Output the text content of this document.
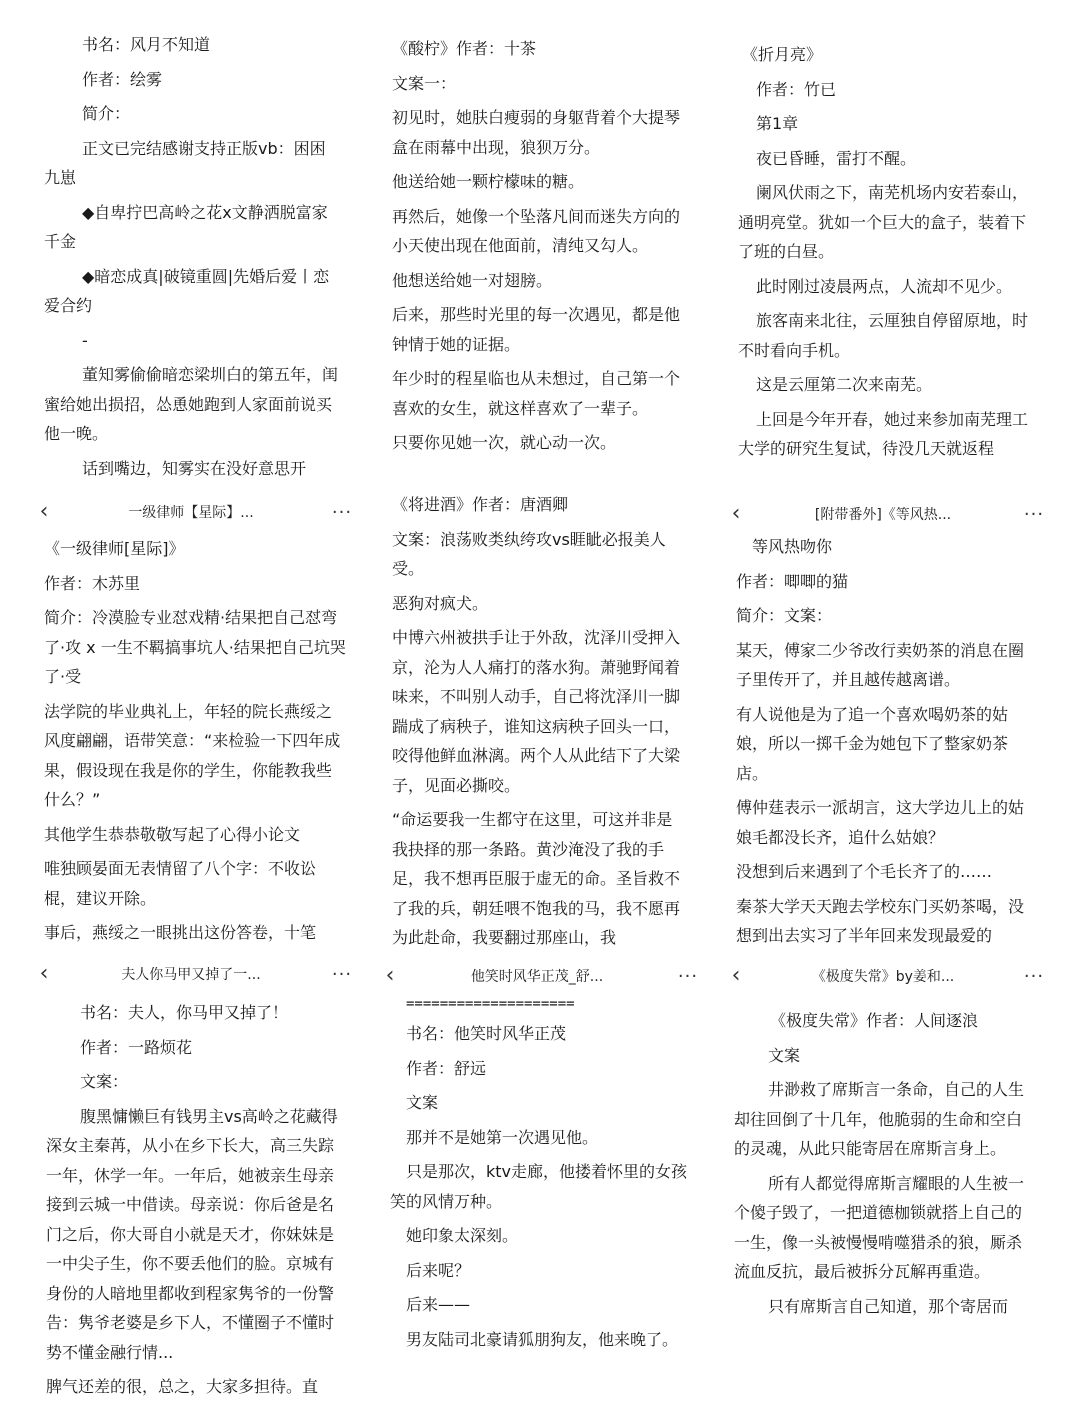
书名：风月不知道

作者：绘雾

简介：

正文已完结感谢支持正版vb：困困九崽

◆自卑拧巴高岭之花x文静洒脱富家千金

◆暗恋成真|破镜重圆|先婚后爱丨恋爱合约

-

董知雾偷偷暗恋梁圳白的第五年，闺蜜给她出损招，怂恿她跑到人家面前说买他一晚。

话到嘴边，知雾实在没好意思开

《酸柠》作者：十茶

文案一：

初见时，她肤白瘦弱的身躯背着个大提琴盒在雨幕中出现，狼狈万分。

他送给她一颗柠檬味的糖。

再然后，她像一个坠落凡间而迷失方向的小天使出现在他面前，清纯又勾人。

他想送给她一对翅膀。

后来，那些时光里的每一次遇见，都是他钟情于她的证据。

年少时的程星临也从未想过，自己第一个喜欢的女生，就这样喜欢了一辈子。

只要你见她一次，就心动一次。

《折月亮》

作者：竹已

第1章

夜已昏睡，雷打不醒。

阑风伏雨之下，南芜机场内安若泰山，通明亮堂。犹如一个巨大的盒子，装着下了班的白昼。

此时刚过凌晨两点，人流却不见少。

旅客南来北往，云厘独自停留原地，时不时看向手机。

这是云厘第二次来南芜。

上回是今年开春，她过来参加南芜理工大学的研究生复试，待没几天就返程

‹	一级律师【星际】...	···

《一级律师[星际]》

作者：木苏里

简介：冷漠脸专业怼戏精·结果把自己怼弯了·攻 x 一生不羁搞事坑人·结果把自己坑哭了·受

法学院的毕业典礼上，年轻的院长燕绥之风度翩翩，语带笑意：“来检验一下四年成果，假设现在我是你的学生，你能教我些什么？”

其他学生恭恭敬敬写起了心得小论文

唯独顾晏面无表情留了八个字：不收讼棍，建议开除。

事后，燕绥之一眼挑出这份答卷，十笔

《将进酒》作者：唐酒卿

文案：浪荡败类纨绔攻vs睚眦必报美人受。

恶狗对疯犬。

中博六州被拱手让于外敌，沈泽川受押入京，沦为人人痛打的落水狗。萧驰野闻着味来，不叫别人动手，自己将沈泽川一脚踹成了病秧子，谁知这病秧子回头一口，咬得他鲜血淋漓。两个人从此结下了大梁子，见面必撕咬。

“命运要我一生都守在这里，可这并非是我抉择的那一条路。黄沙淹没了我的手足，我不想再臣服于虚无的命。圣旨救不了我的兵，朝廷喂不饱我的马，我不愿再为此赴命，我要翻过那座山，我

‹	[附带番外]《等风热...	···

等风热吻你

作者：唧唧的猫

简介：文案：

某天，傅家二少爷改行卖奶茶的消息在圈子里传开了，并且越传越离谱。

有人说他是为了追一个喜欢喝奶茶的姑娘，所以一掷千金为她包下了整家奶茶店。

傅仲莛表示一派胡言，这大学边儿上的姑娘毛都没长齐，追什么姑娘？

没想到后来遇到了个毛长齐了的……

秦茶大学天天跑去学校东门买奶茶喝，没想到出去实习了半年回来发现最爱的

‹	夫人你马甲又掉了一...	···

书名：夫人，你马甲又掉了！

作者：一路烦花

文案：

腹黑慵懒巨有钱男主vs高岭之花藏得深女主秦苒，从小在乡下长大，高三失踪一年，休学一年。一年后，她被亲生母亲接到云城一中借读。母亲说：你后爸是名门之后，你大哥自小就是天才，你妹妹是一中尖子生，你不要丢他们的脸。京城有身份的人暗地里都收到程家隽爷的一份警告：隽爷老婆是乡下人，不懂圈子不懂时势不懂金融行情...

脾气还差的很，总之，大家多担待。直

‹	他笑时风华正茂_舒...	···

====================

书名：他笑时风华正茂

作者：舒远

文案

那并不是她第一次遇见他。

只是那次，ktv走廊，他搂着怀里的女孩笑的风情万种。

她印象太深刻。

后来呢？

后来——

男友陆司北豪请狐朋狗友，他来晚了。

‹	《极度失常》by姜和...	···

《极度失常》作者：人间逐浪

文案

井渺救了席斯言一条命，自己的人生却往回倒了十几年，他脆弱的生命和空白的灵魂，从此只能寄居在席斯言身上。

所有人都觉得席斯言耀眼的人生被一个傻子毁了，一把道德枷锁就搭上自己的一生，像一头被慢慢啃噬猎杀的狼，厮杀流血反抗，最后被拆分瓦解再重造。

只有席斯言自己知道，那个寄居而
